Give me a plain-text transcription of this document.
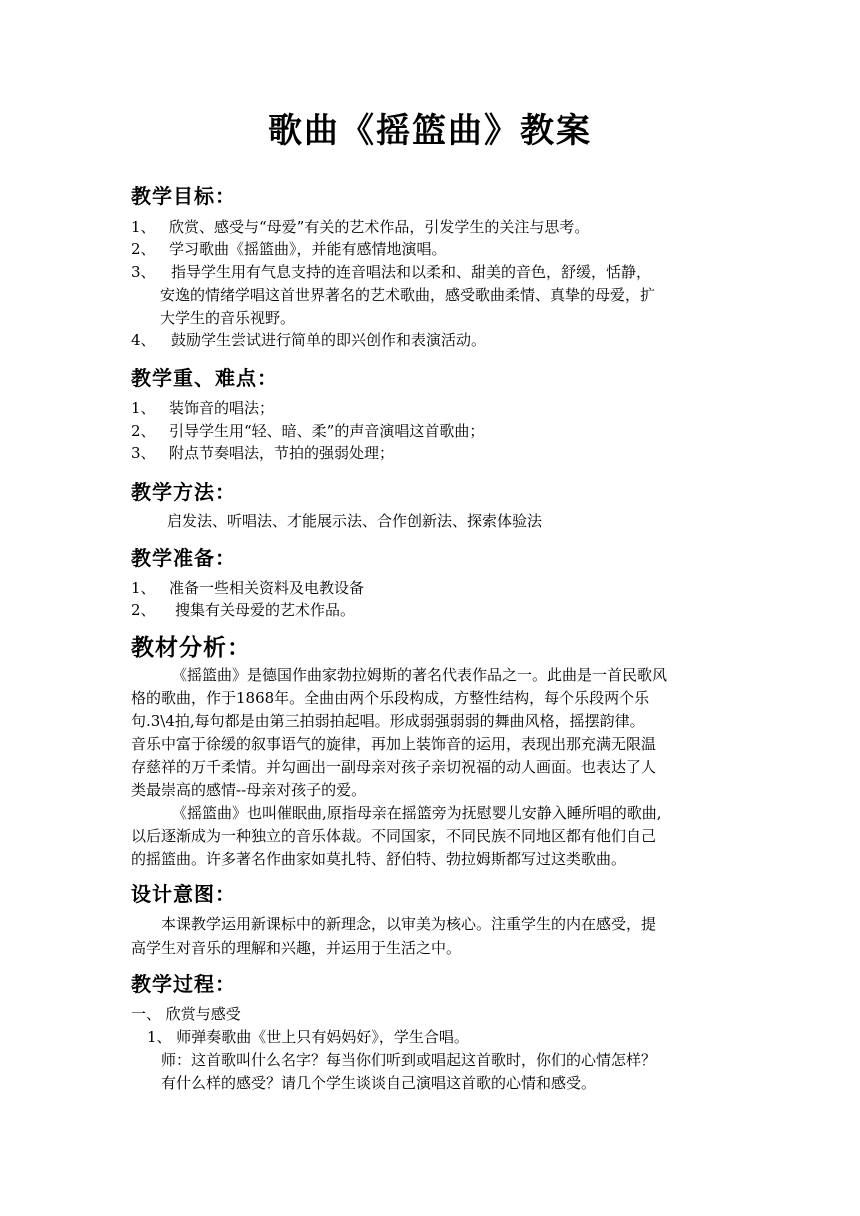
歌曲《摇篮曲》教案
教学目标：
1、 欣赏、感受与“母爱”有关的艺术作品，引发学生的关注与思考。
2、 学习歌曲《摇篮曲》，并能有感情地演唱。
3、 指导学生用有气息支持的连音唱法和以柔和、甜美的音色，舒缓，恬静，
安逸的情绪学唱这首世界著名的艺术歌曲，感受歌曲柔情、真挚的母爱，扩
大学生的音乐视野。
4、 鼓励学生尝试进行简单的即兴创作和表演活动。
教学重、难点：
1、 装饰音的唱法；
2、 引导学生用“轻、暗、柔”的声音演唱这首歌曲；
3、 附点节奏唱法，节拍的强弱处理；
教学方法：
启发法、听唱法、才能展示法、合作创新法、探索体验法
教学准备：
1、 准备一些相关资料及电教设备
2、 搜集有关母爱的艺术作品。
教材分析：
《摇篮曲》是德国作曲家勃拉姆斯的著名代表作品之一。此曲是一首民歌风
格的歌曲，作于1868年。全曲由两个乐段构成，方整性结构，每个乐段两个乐
句.3\4拍,每句都是由第三拍弱拍起唱。形成弱强弱弱的舞曲风格，摇摆韵律。
音乐中富于徐缓的叙事语气的旋律，再加上装饰音的运用，表现出那充满无限温
存慈祥的万千柔情。并勾画出一副母亲对孩子亲切祝福的动人画面。也表达了人
类最崇高的感情--母亲对孩子的爱。
《摇篮曲》也叫催眠曲,原指母亲在摇篮旁为抚慰婴儿安静入睡所唱的歌曲,
以后逐渐成为一种独立的音乐体裁。不同国家，不同民族不同地区都有他们自己
的摇篮曲。许多著名作曲家如莫扎特、舒伯特、勃拉姆斯都写过这类歌曲。
设计意图：
本课教学运用新课标中的新理念，以审美为核心。注重学生的内在感受，提
高学生对音乐的理解和兴趣，并运用于生活之中。
教学过程：
一、 欣赏与感受
1、 师弹奏歌曲《世上只有妈妈好》，学生合唱。
师：这首歌叫什么名字？每当你们听到或唱起这首歌时，你们的心情怎样？
有什么样的感受？请几个学生谈谈自己演唱这首歌的心情和感受。
